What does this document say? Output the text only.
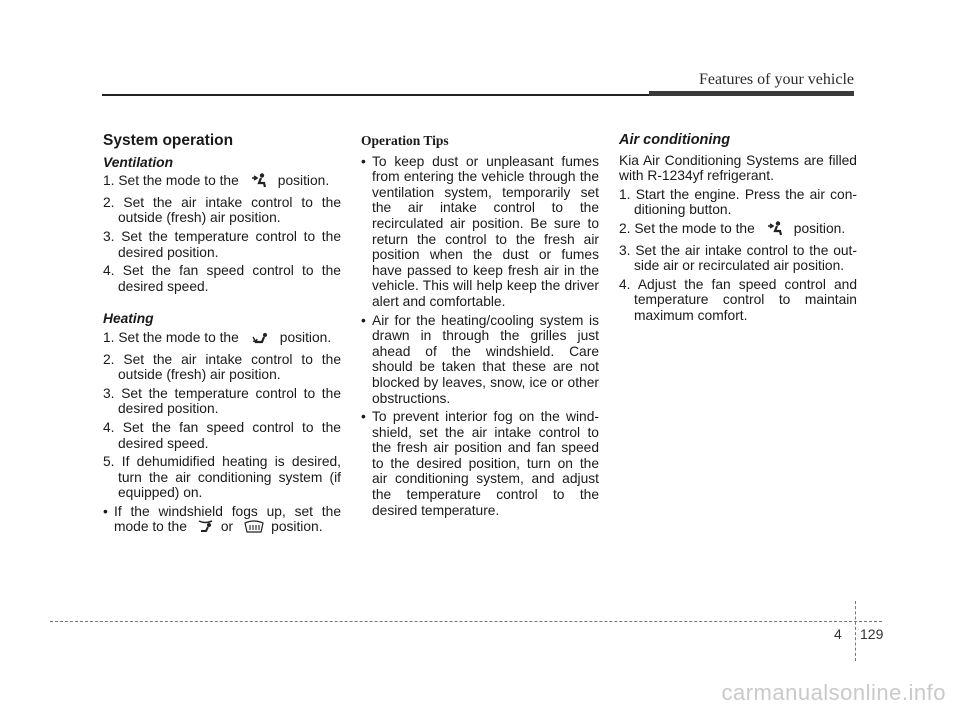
Features of your vehicle
System operation
Ventilation
1. Set the mode to the	position.
2. Set the air intake control to the outside (fresh) air position.
3. Set the temperature control to the desired position.
4. Set the fan speed control to the desired speed.
Heating
1. Set the mode to the	position.
2. Set the air intake control to the outside (fresh) air position.
3. Set the temperature control to the desired position.
4. Set the fan speed control to the desired speed.
5. If dehumidified heating is desired, turn the air conditioning system (if equipped) on.
• If the windshield fogs up, set the mode to the or	position.
Operation Tips
• To keep dust or unpleasant fumes from entering the vehicle through the ventilation system, temporarily set the air intake control to the recirculated air position. Be sure to return the control to the fresh air position when the dust or fumes have passed to keep fresh air in the vehicle. This will help keep the driver alert and comfortable.
• Air for the heating/cooling system is drawn in through the grilles just ahead of the windshield. Care should be taken that these are not blocked by leaves, snow, ice or other obstructions.
• To prevent interior fog on the wind-shield, set the air intake control to the fresh air position and fan speed to the desired position, turn on the air conditioning system, and adjust the temperature control to the desired temperature.
Air conditioning
Kia Air Conditioning Systems are filled with R-1234yf refrigerant.
1. Start the engine. Press the air con-ditioning button.
2. Set the mode to the	position.
3. Set the air intake control to the out-side air or recirculated air position.
4. Adjust the fan speed control and temperature control to maintain maximum comfort.
4 129
carmanualsonline.info
